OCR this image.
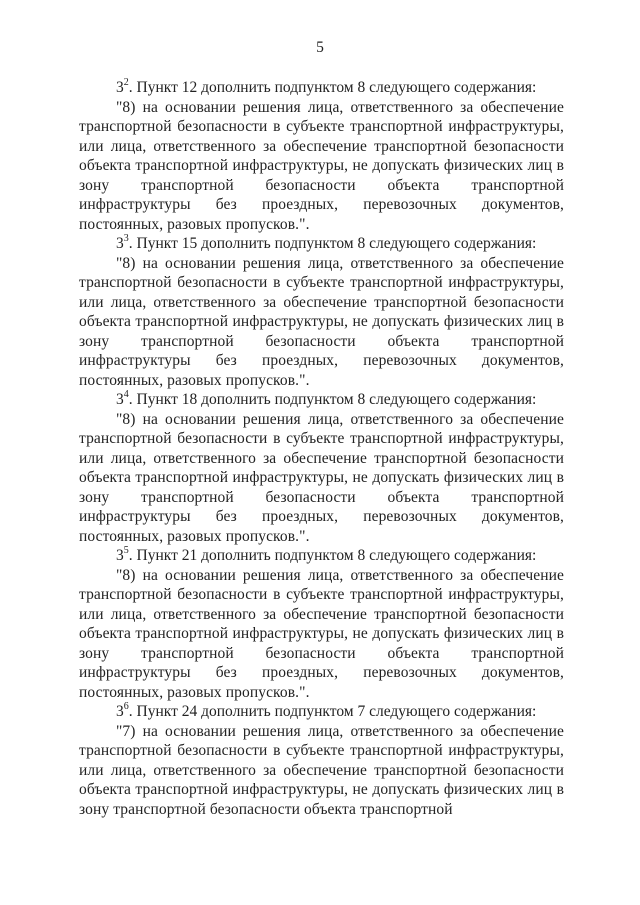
5

$3^2$. Пункт 12 дополнить подпунктом 8 следующего содержания:

"8) на основании решения лица, ответственного за обеспечение транспортной безопасности в субъекте транспортной инфраструктуры, или лица, ответственного за обеспечение транспортной безопасности объекта транспортной инфраструктуры, не допускать физических лиц в зону транспортной безопасности объекта транспортной инфраструктуры без проездных, перевозочных документов, постоянных, разовых пропусков.".

$3^3$. Пункт 15 дополнить подпунктом 8 следующего содержания:

"8) на основании решения лица, ответственного за обеспечение транспортной безопасности в субъекте транспортной инфраструктуры, или лица, ответственного за обеспечение транспортной безопасности объекта транспортной инфраструктуры, не допускать физических лиц в зону транспортной безопасности объекта транспортной инфраструктуры без проездных, перевозочных документов, постоянных, разовых пропусков.".

$3^4$. Пункт 18 дополнить подпунктом 8 следующего содержания:

"8) на основании решения лица, ответственного за обеспечение транспортной безопасности в субъекте транспортной инфраструктуры, или лица, ответственного за обеспечение транспортной безопасности объекта транспортной инфраструктуры, не допускать физических лиц в зону транспортной безопасности объекта транспортной инфраструктуры без проездных, перевозочных документов, постоянных, разовых пропусков.".

$3^5$. Пункт 21 дополнить подпунктом 8 следующего содержания:

"8) на основании решения лица, ответственного за обеспечение транспортной безопасности в субъекте транспортной инфраструктуры, или лица, ответственного за обеспечение транспортной безопасности объекта транспортной инфраструктуры, не допускать физических лиц в зону транспортной безопасности объекта транспортной инфраструктуры без проездных, перевозочных документов, постоянных, разовых пропусков.".

$3^6$. Пункт 24 дополнить подпунктом 7 следующего содержания:

"7) на основании решения лица, ответственного за обеспечение транспортной безопасности в субъекте транспортной инфраструктуры, или лица, ответственного за обеспечение транспортной безопасности объекта транспортной инфраструктуры, не допускать физических лиц в зону транспортной безопасности объекта транспортной
